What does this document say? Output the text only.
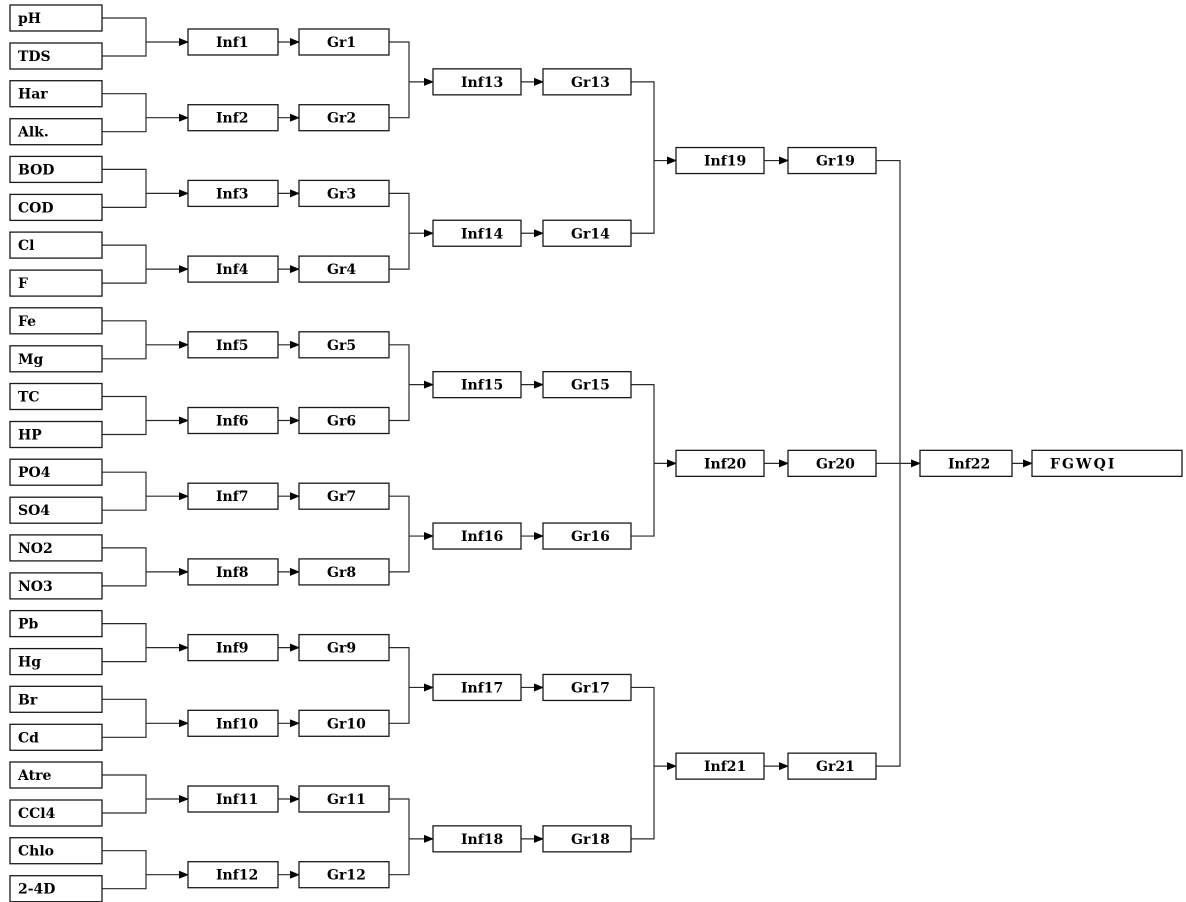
pH
TDS
Har
Alk.
BOD
COD
Cl
F
Fe
Mg
TC
HP
PO4
SO4
NO2
NO3
Pb
Hg
Br
Cd
Atre
CCl4
Chlo
2-4D
Inf1	Gr1
Inf2	Gr2
Inf3	Gr3
Inf4	Gr4
Inf5	Gr5
Inf6	Gr6
Inf7	Gr7
Inf8	Gr8
Inf9	Gr9
Inf10	Gr10
Inf11	Gr11
Inf12	Gr12
Inf13	Gr13
Inf14	Gr14
Inf15	Gr15
Inf16	Gr16
Inf17	Gr17
Inf18	Gr18
Inf19	Gr19
Inf20	Gr20
Inf21	Gr21
Inf22	FGWQI
